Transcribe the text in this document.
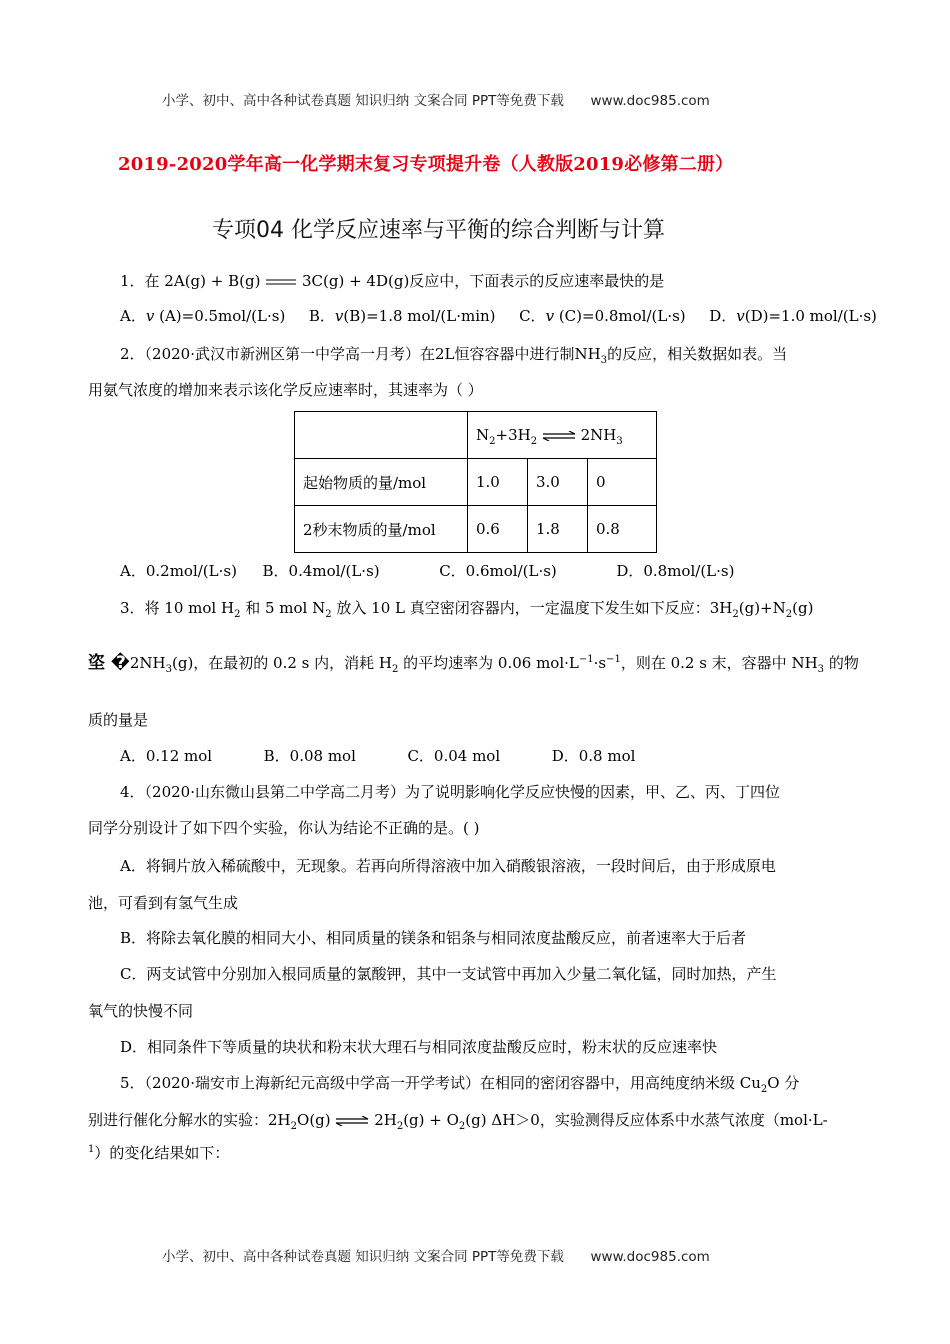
小学、初中、高中各种试卷真题 知识归纳 文案合同 PPT等免费下载 www.doc985.com
2019-2020学年高一化学期末复习专项提升卷（人教版2019必修第二册）
专项04 化学反应速率与平衡的综合判断与计算
1．在 2A(g) + B(g)	3C(g) + 4D(g)反应中，下面表示的反应速率最快的是
A．v (A)=0.5mol/(L·s) B．v(B)=1.8 mol/(L·min) C．v (C)=0.8mol/(L·s) D．v(D)=1.0 mol/(L·s)
2．（2020·武汉市新洲区第一中学高一月考）在2L恒容容器中进行制$NH_3$的反应，相关数据如表。当
用氨气浓度的增加来表示该化学反应速率时，其速率为（ ）
	$N_2+3H_2$ ⇌ $2NH_3$
起始物质的量/mol	1.0	3.0	0
2秒末物质的量/mol	0.6	1.8	0.8
A．0.2mol/(L·s) B．0.4mol/(L·s)	C．0.6mol/(L·s)	D．0.8mol/(L·s)
3．将 10 mol $H_2$ 和 5 mol $N_2$ 放入 10 L 真空密闭容器内，一定温度下发生如下反应：$3H_2(g)+N_2(g)$
垐 $�2NH_3(g)$，在最初的 0.2 s 内，消耗 $H_2$ 的平均速率为 0.06 $mol\cdot L^{-1}\cdot s^{-1}$，则在 0.2 s 末，容器中 $NH_3$ 的物
质的量是
A．0.12 mol	B．0.08 mol	C．0.04 mol	D．0.8 mol
4．（2020·山东微山县第二中学高二月考）为了说明影响化学反应快慢的因素，甲、乙、丙、丁四位
同学分别设计了如下四个实验，你认为结论不正确的是。( )
A．将铜片放入稀硫酸中，无现象。若再向所得溶液中加入硝酸银溶液，一段时间后，由于形成原电
池，可看到有氢气生成
B．将除去氧化膜的相同大小、相同质量的镁条和铝条与相同浓度盐酸反应，前者速率大于后者
C．两支试管中分别加入根同质量的氯酸钾，其中一支试管中再加入少量二氧化锰，同时加热，产生
氧气的快慢不同
D．相同条件下等质量的块状和粉末状大理石与相同浓度盐酸反应时，粉末状的反应速率快
5．（2020·瑞安市上海新纪元高级中学高一开学考试）在相同的密闭容器中，用高纯度纳米级 $Cu_2O$ 分
别进行催化分解水的实验：$2H_2O(g)$ ⇌ $2H_2(g) + O_2(g)$ ΔH＞0，实验测得反应体系中水蒸气浓度（mol·L-
$^1$）的变化结果如下：
小学、初中、高中各种试卷真题 知识归纳 文案合同 PPT等免费下载 www.doc985.com
